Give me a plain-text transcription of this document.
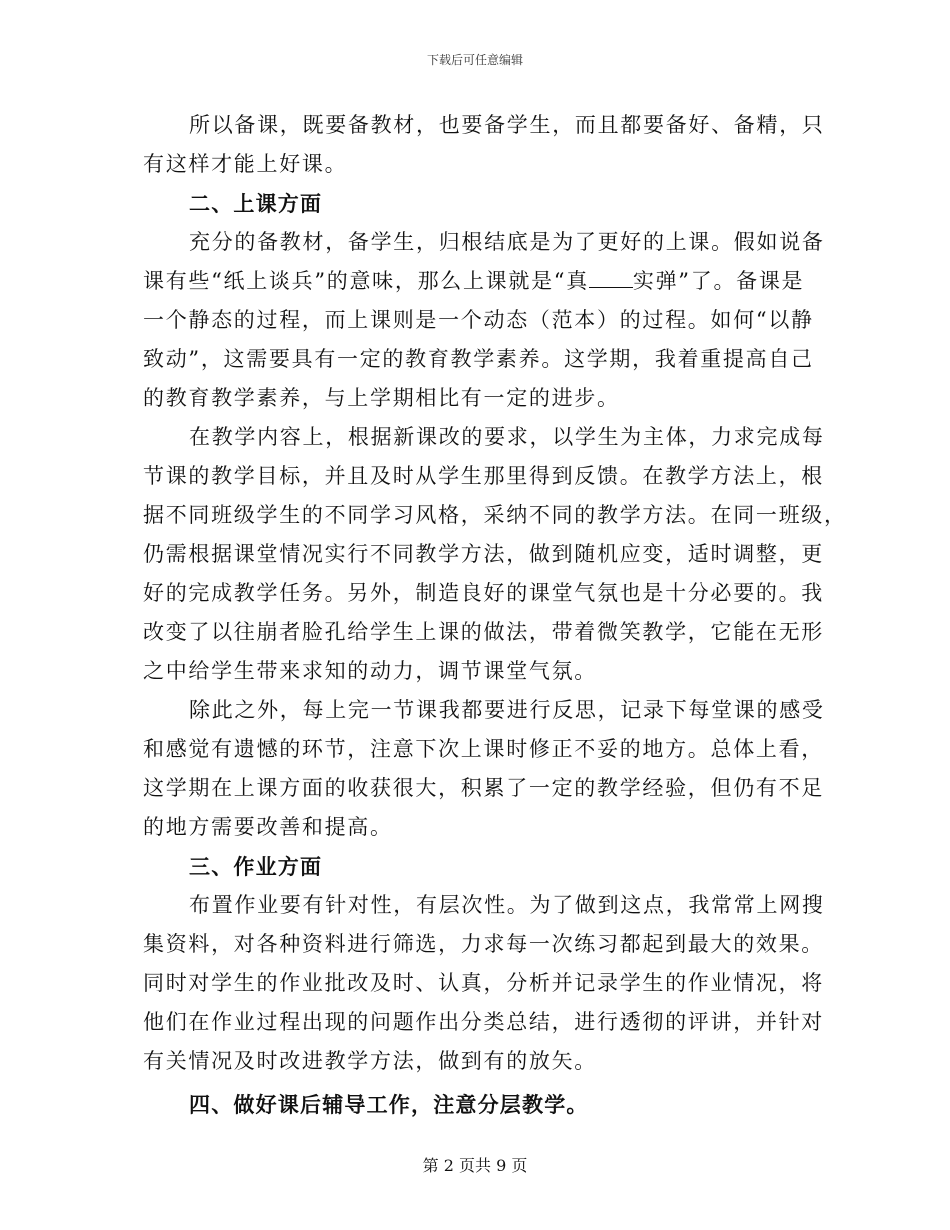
下载后可任意编辑
所以备课，既要备教材，也要备学生，而且都要备好、备精，只
有这样才能上好课。
二、上课方面
充分的备教材，备学生，归根结底是为了更好的上课。假如说备
课有些“纸上谈兵”的意味，那么上课就是“真 实弹”了。备课是
一个静态的过程，而上课则是一个动态（范本）的过程。如何“以静
致动”，这需要具有一定的教育教学素养。这学期，我着重提高自己
的教育教学素养，与上学期相比有一定的进步。
在教学内容上，根据新课改的要求，以学生为主体，力求完成每
节课的教学目标，并且及时从学生那里得到反馈。在教学方法上，根
据不同班级学生的不同学习风格，采纳不同的教学方法。在同一班级，
仍需根据课堂情况实行不同教学方法，做到随机应变，适时调整，更
好的完成教学任务。另外，制造良好的课堂气氛也是十分必要的。我
改变了以往崩者脸孔给学生上课的做法，带着微笑教学，它能在无形
之中给学生带来求知的动力，调节课堂气氛。
除此之外，每上完一节课我都要进行反思，记录下每堂课的感受
和感觉有遗憾的环节，注意下次上课时修正不妥的地方。总体上看，
这学期在上课方面的收获很大，积累了一定的教学经验，但仍有不足
的地方需要改善和提高。
三、作业方面
布置作业要有针对性，有层次性。为了做到这点，我常常上网搜
集资料，对各种资料进行筛选，力求每一次练习都起到最大的效果。
同时对学生的作业批改及时、认真，分析并记录学生的作业情况，将
他们在作业过程出现的问题作出分类总结，进行透彻的评讲，并针对
有关情况及时改进教学方法，做到有的放矢。
四、做好课后辅导工作，注意分层教学。
第 2 页共 9 页
